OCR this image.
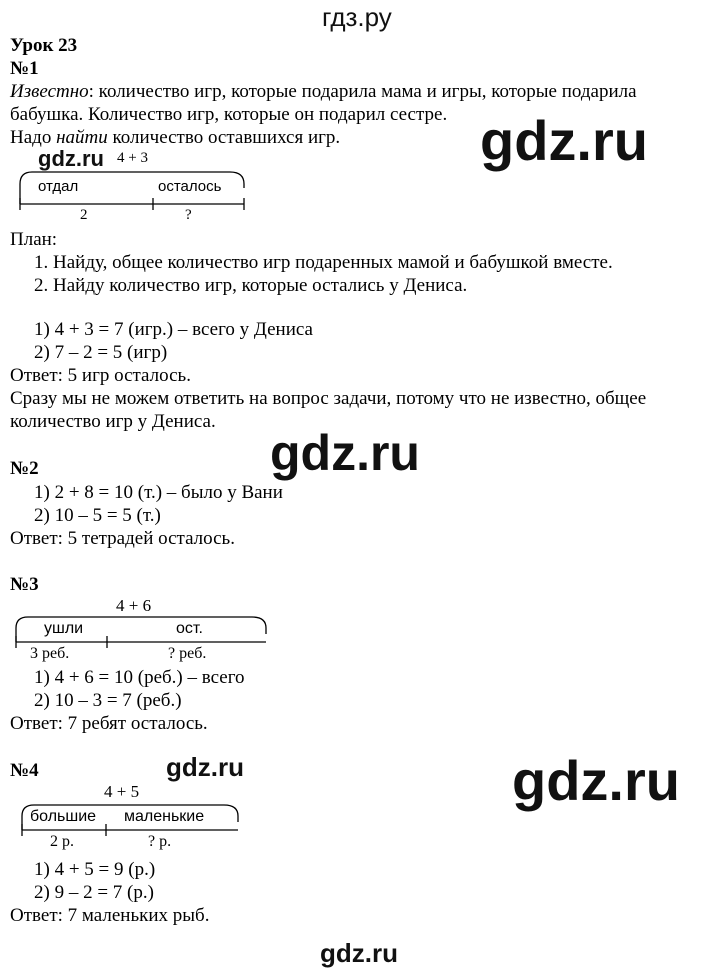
гдз.ру
Урок 23
№1
Известно: количество игр, которые подарила мама и игры, которые подарила
бабушка. Количество игр, которые он подарил сестре.
Надо найти количество оставшихся игр. gdz.ru
gdz.ru 4 + 3
отдал	осталось
2	?
План:
1. Найду, общее количество игр подаренных мамой и бабушкой вместе.
2. Найду количество игр, которые остались у Дениса.
1) 4 + 3 = 7 (игр.) – всего у Дениса
2) 7 – 2 = 5 (игр)
Ответ: 5 игр осталось.
Сразу мы не можем ответить на вопрос задачи, потому что не известно, общее
количество игр у Дениса.
gdz.ru
№2
1) 2 + 8 = 10 (т.) – было у Вани
2) 10 – 5 = 5 (т.)
Ответ: 5 тетрадей осталось.
№3
4 + 6
ушли	ост.
3 реб.	? реб.
1) 4 + 6 = 10 (реб.) – всего
2) 10 – 3 = 7 (реб.)
Ответ: 7 ребят осталось.
gdz.ru	gdz.ru
№4
4 + 5
большие маленькие
2 р.	? р.
1) 4 + 5 = 9 (р.)
2) 9 – 2 = 7 (р.)
Ответ: 7 маленьких рыб.
gdz.ru
